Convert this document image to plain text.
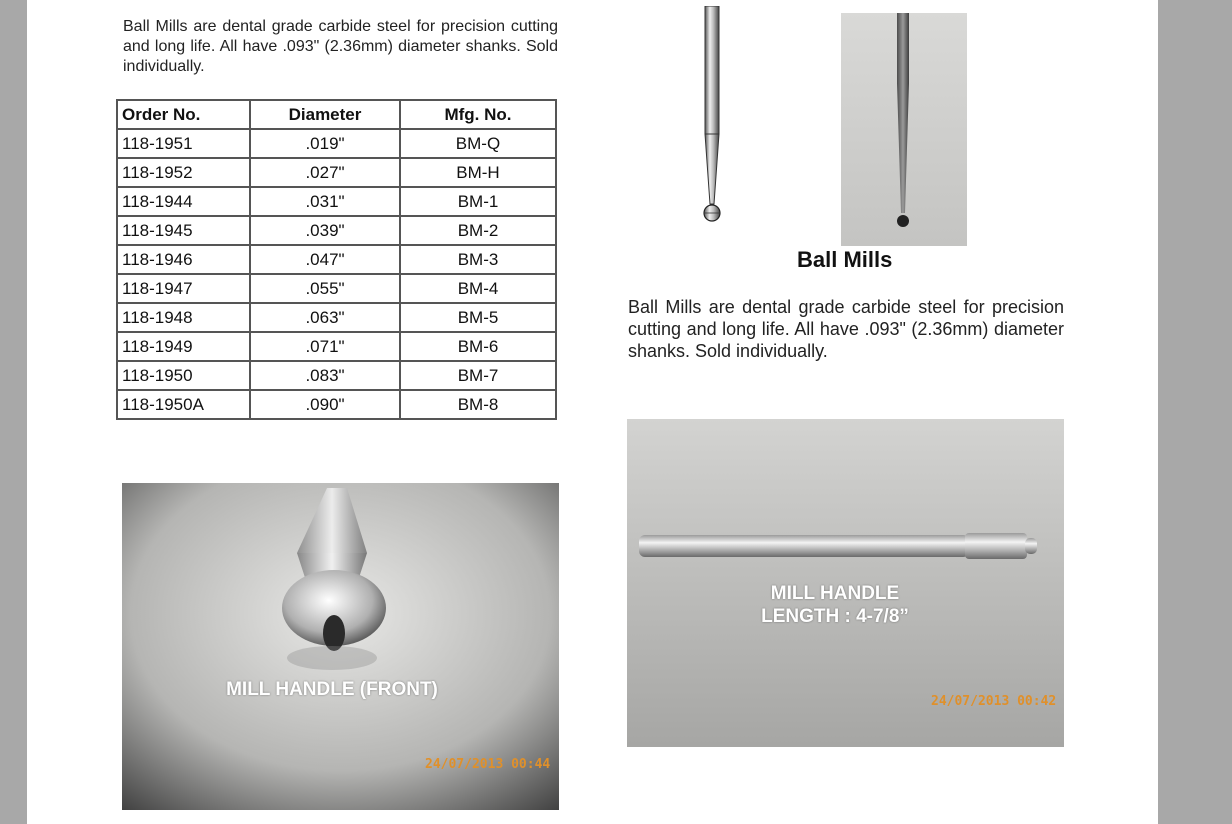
Ball Mills are dental grade carbide steel for precision cutting and long life. All have .093" (2.36mm) diameter shanks. Sold individually.

Order No.	Diameter	Mfg. No.
118-1951	.019"	BM-Q
118-1952	.027"	BM-H
118-1944	.031"	BM-1
118-1945	.039"	BM-2
118-1946	.047"	BM-3
118-1947	.055"	BM-4
118-1948	.063"	BM-5
118-1949	.071"	BM-6
118-1950	.083"	BM-7
118-1950A	.090"	BM-8
Ball Mills

Ball Mills are dental grade carbide steel for precision cutting and long life. All have .093" (2.36mm) diameter shanks. Sold individually.

MILL HANDLE (FRONT)
24/07/2013 00:44
MILL HANDLE
LENGTH : 4-7/8”
24/07/2013 00:42
